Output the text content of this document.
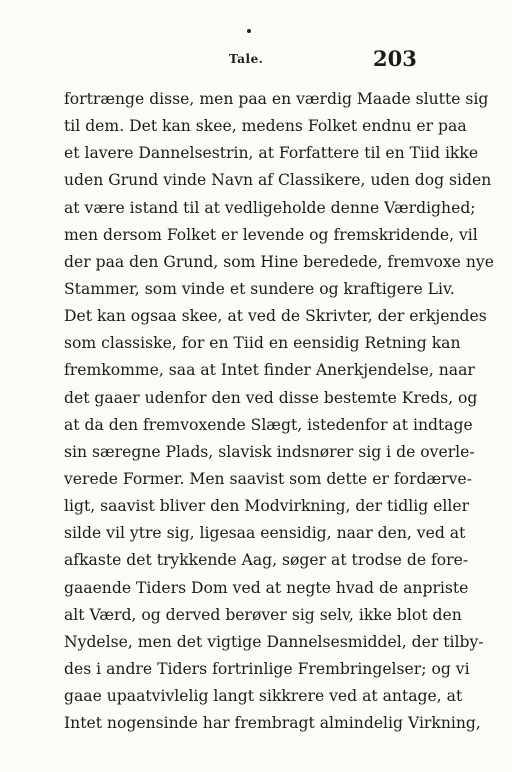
Tale.	203
fortrænge disse, men paa en værdig Maade slutte sig
til dem. Det kan skee, medens Folket endnu er paa
et lavere Dannelsestrin, at Forfattere til en Tiid ikke
uden Grund vinde Navn af Classikere, uden dog siden
at være istand til at vedligeholde denne Værdighed;
men dersom Folket er levende og fremskridende, vil
der paa den Grund, som Hine beredede, fremvoxe nye
Stammer, som vinde et sundere og kraftigere Liv.
Det kan ogsaa skee, at ved de Skrivter, der erkjendes
som classiske, for en Tiid en eensidig Retning kan
fremkomme, saa at Intet finder Anerkjendelse, naar
det gaaer udenfor den ved disse bestemte Kreds, og
at da den fremvoxende Slægt, istedenfor at indtage
sin særegne Plads, slavisk indsnører sig i de overle-
verede Former. Men saavist som dette er fordærve-
ligt, saavist bliver den Modvirkning, der tidlig eller
silde vil ytre sig, ligesaa eensidig, naar den, ved at
afkaste det trykkende Aag, søger at trodse de fore-
gaaende Tiders Dom ved at negte hvad de anpriste
alt Værd, og derved berøver sig selv, ikke blot den
Nydelse, men det vigtige Dannelsesmiddel, der tilby-
des i andre Tiders fortrinlige Frembringelser; og vi
gaae upaatvivlelig langt sikkrere ved at antage, at
Intet nogensinde har frembragt almindelig Virkning,
